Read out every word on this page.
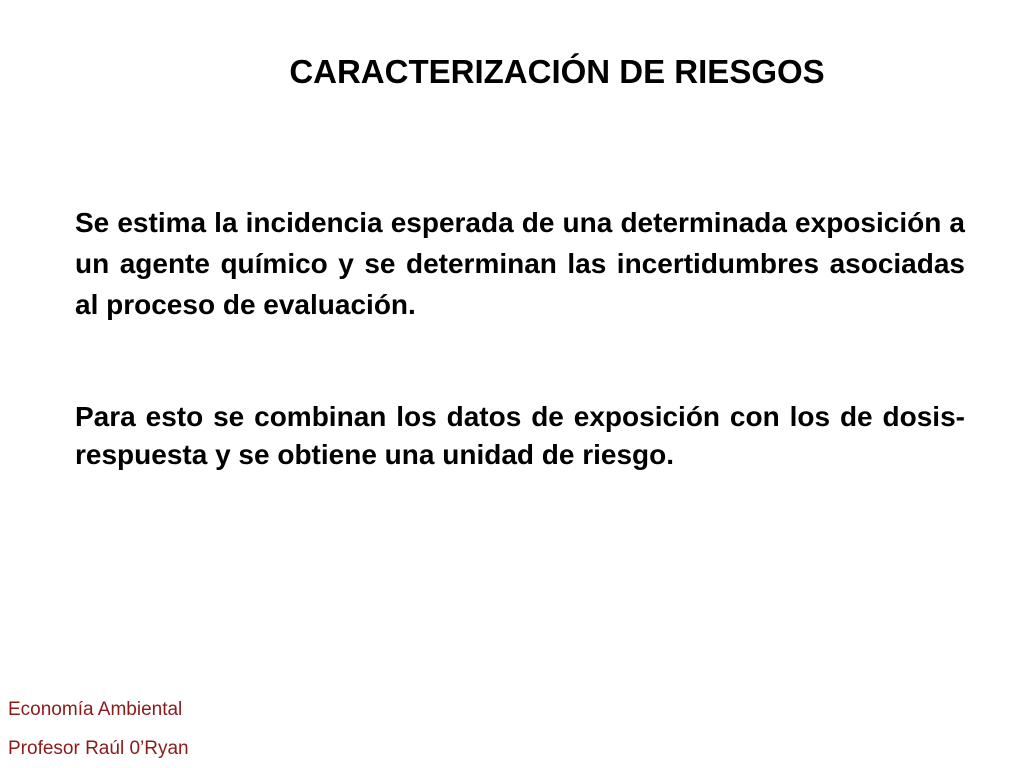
CARACTERIZACIÓN DE RIESGOS

Se estima la incidencia esperada de una determinada exposición a un agente químico y se determinan las incertidumbres asociadas al proceso de evaluación.

Para esto se combinan los datos de exposición con los de dosis-respuesta y se obtiene una unidad de riesgo.

Economía Ambiental
Profesor Raúl 0’Ryan
